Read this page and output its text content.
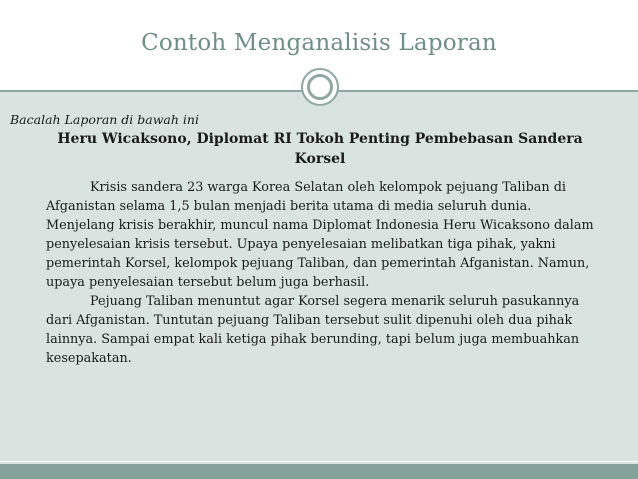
Contoh Menganalisis Laporan
Bacalah Laporan di bawah ini
Heru Wicaksono, Diplomat RI Tokoh Penting Pembebasan Sandera Korsel

Krisis sandera 23 warga Korea Selatan oleh kelompok pejuang Taliban di Afganistan selama 1,5 bulan menjadi berita utama di media seluruh dunia. Menjelang krisis berakhir, muncul nama Diplomat Indonesia Heru Wicaksono dalam penyelesaian krisis tersebut. Upaya penyelesaian melibatkan tiga pihak, yakni pemerintah Korsel, kelompok pejuang Taliban, dan pemerintah Afganistan. Namun, upaya penyelesaian tersebut belum juga berhasil.

Pejuang Taliban menuntut agar Korsel segera menarik seluruh pasukannya dari Afganistan. Tuntutan pejuang Taliban tersebut sulit dipenuhi oleh dua pihak lainnya. Sampai empat kali ketiga pihak berunding, tapi belum juga membuahkan kesepakatan.
